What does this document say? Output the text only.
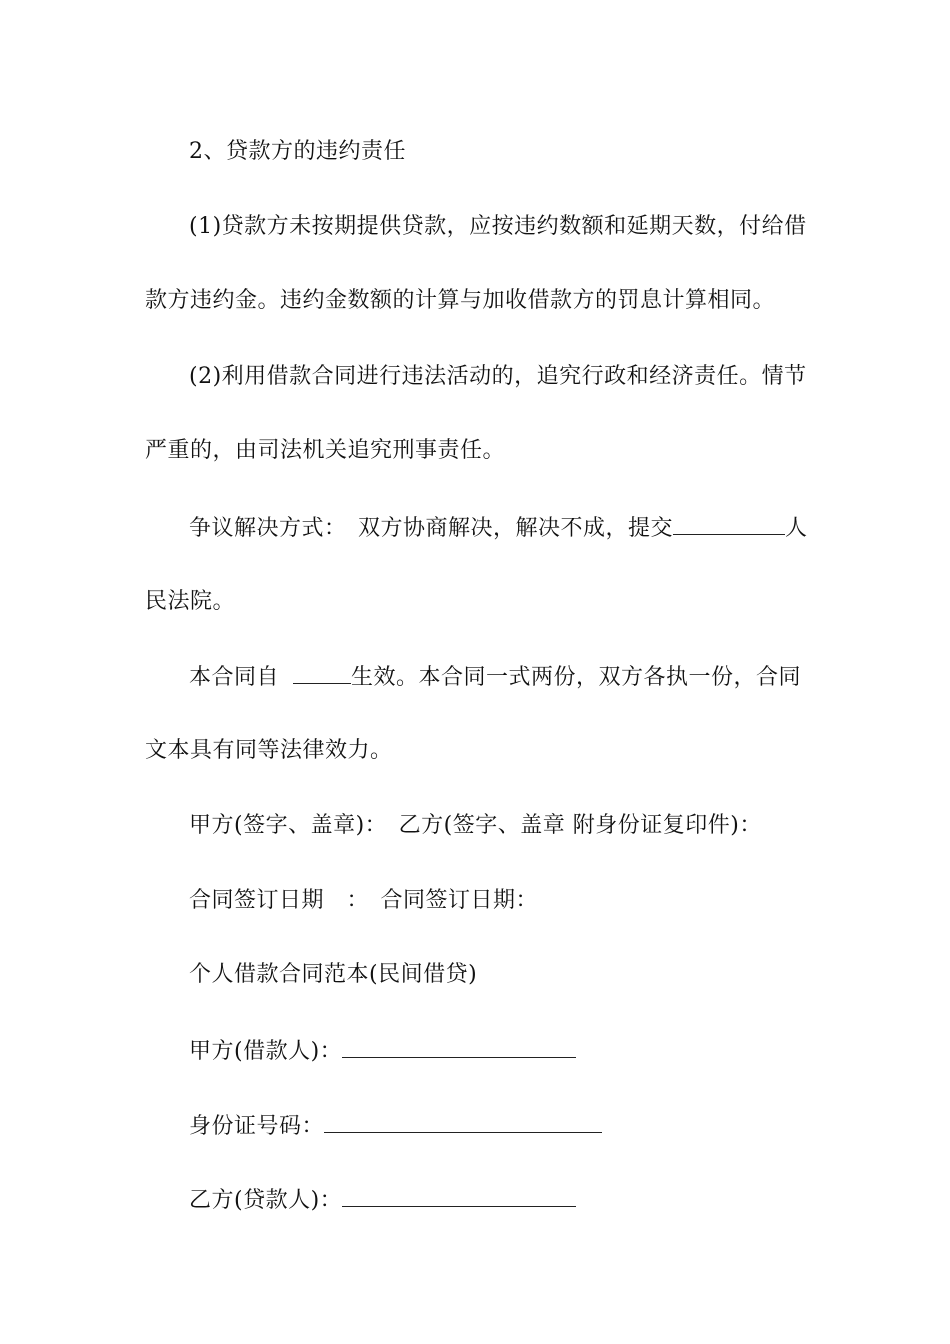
2、贷款方的违约责任
(1)贷款方未按期提供贷款，应按违约数额和延期天数，付给借
款方违约金。违约金数额的计算与加收借款方的罚息计算相同。
(2)利用借款合同进行违法活动的，追究行政和经济责任。情节
严重的，由司法机关追究刑事责任。
争议解决方式：　双方协商解决，解决不成，提交	人
民法院。
本合同自	生效。本合同一式两份，双方各执一份，合同
文本具有同等法律效力。
甲方(签字、盖章)：　乙方(签字、盖章 附身份证复印件)：
合同签订日期　：　合同签订日期：
个人借款合同范本(民间借贷)
甲方(借款人)：
身份证号码：
乙方(贷款人)：
